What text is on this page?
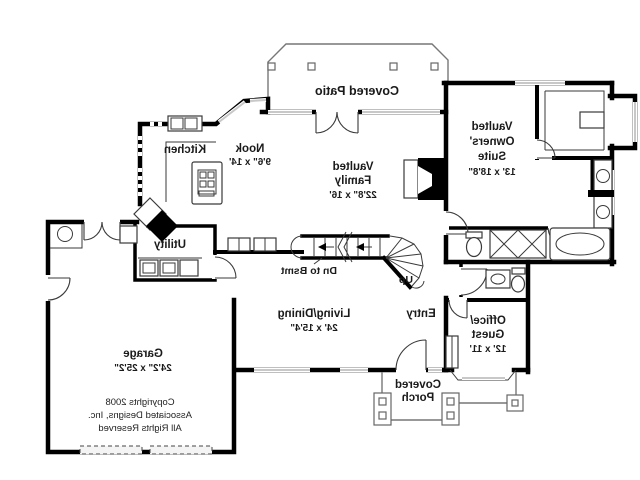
Covered Patio
Kitchen	Nook
9'6" x 14'	Vaulted
Family
22'8" x 16'
Vaulted
Owners'
Suite
13' x 18'8"
Utility
Dn to Bsmt
Up
Living/Dining
24' x 15'4"
Entry
Office/
Guest
12' x 11'
Covered
Porch
Garage
24'2" x 25'2"
Copyrights 2008
Associated Designs, Inc.
All Rights Reserved
